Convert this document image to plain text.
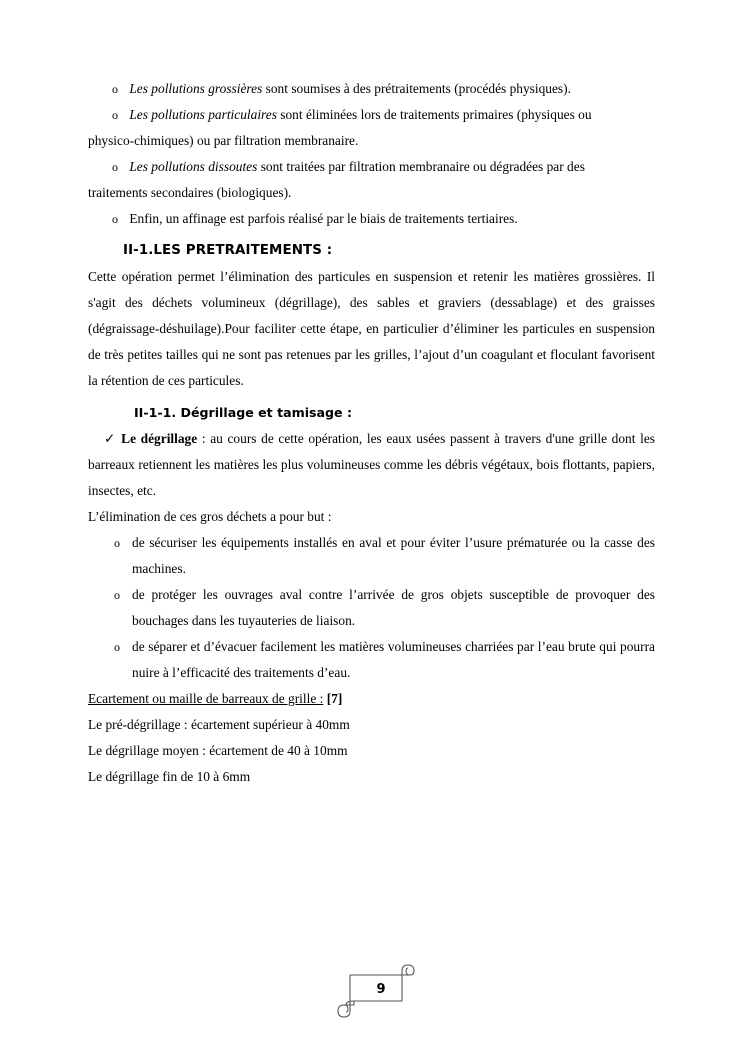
o Les pollutions grossières sont soumises à des prétraitements (procédés physiques).
o Les pollutions particulaires sont éliminées lors de traitements primaires (physiques ou
physico-chimiques) ou par filtration membranaire.
o Les pollutions dissoutes sont traitées par filtration membranaire ou dégradées par des
traitements secondaires (biologiques).
o Enfin, un affinage est parfois réalisé par le biais de traitements tertiaires.
II-1.LES PRETRAITEMENTS :
Cette opération permet l’élimination des particules en suspension et retenir les matières grossières. Il s'agit des déchets volumineux (dégrillage), des sables et graviers (dessablage) et des graisses (dégraissage-déshuilage).Pour faciliter cette étape, en particulier d’éliminer les particules en suspension de très petites tailles qui ne sont pas retenues par les grilles, l’ajout d’un coagulant et floculant favorisent la rétention de ces particules.
II-1-1. Dégrillage et tamisage :
✓ Le dégrillage : au cours de cette opération, les eaux usées passent à travers d'une grille dont les barreaux retiennent les matières les plus volumineuses comme les débris végétaux, bois flottants, papiers, insectes, etc.
L’élimination de ces gros déchets a pour but :
o de sécuriser les équipements installés en aval et pour éviter l’usure prématurée ou la casse des machines.
o de protéger les ouvrages aval contre l’arrivée de gros objets susceptible de provoquer des bouchages dans les tuyauteries de liaison.
o de séparer et d’évacuer facilement les matières volumineuses charriées par l’eau brute qui pourra nuire à l’efficacité des traitements d’eau.
Ecartement ou maille de barreaux de grille : [7]
Le pré-dégrillage : écartement supérieur à 40mm
Le dégrillage moyen : écartement de 40 à 10mm
Le dégrillage fin de 10 à 6mm
9
